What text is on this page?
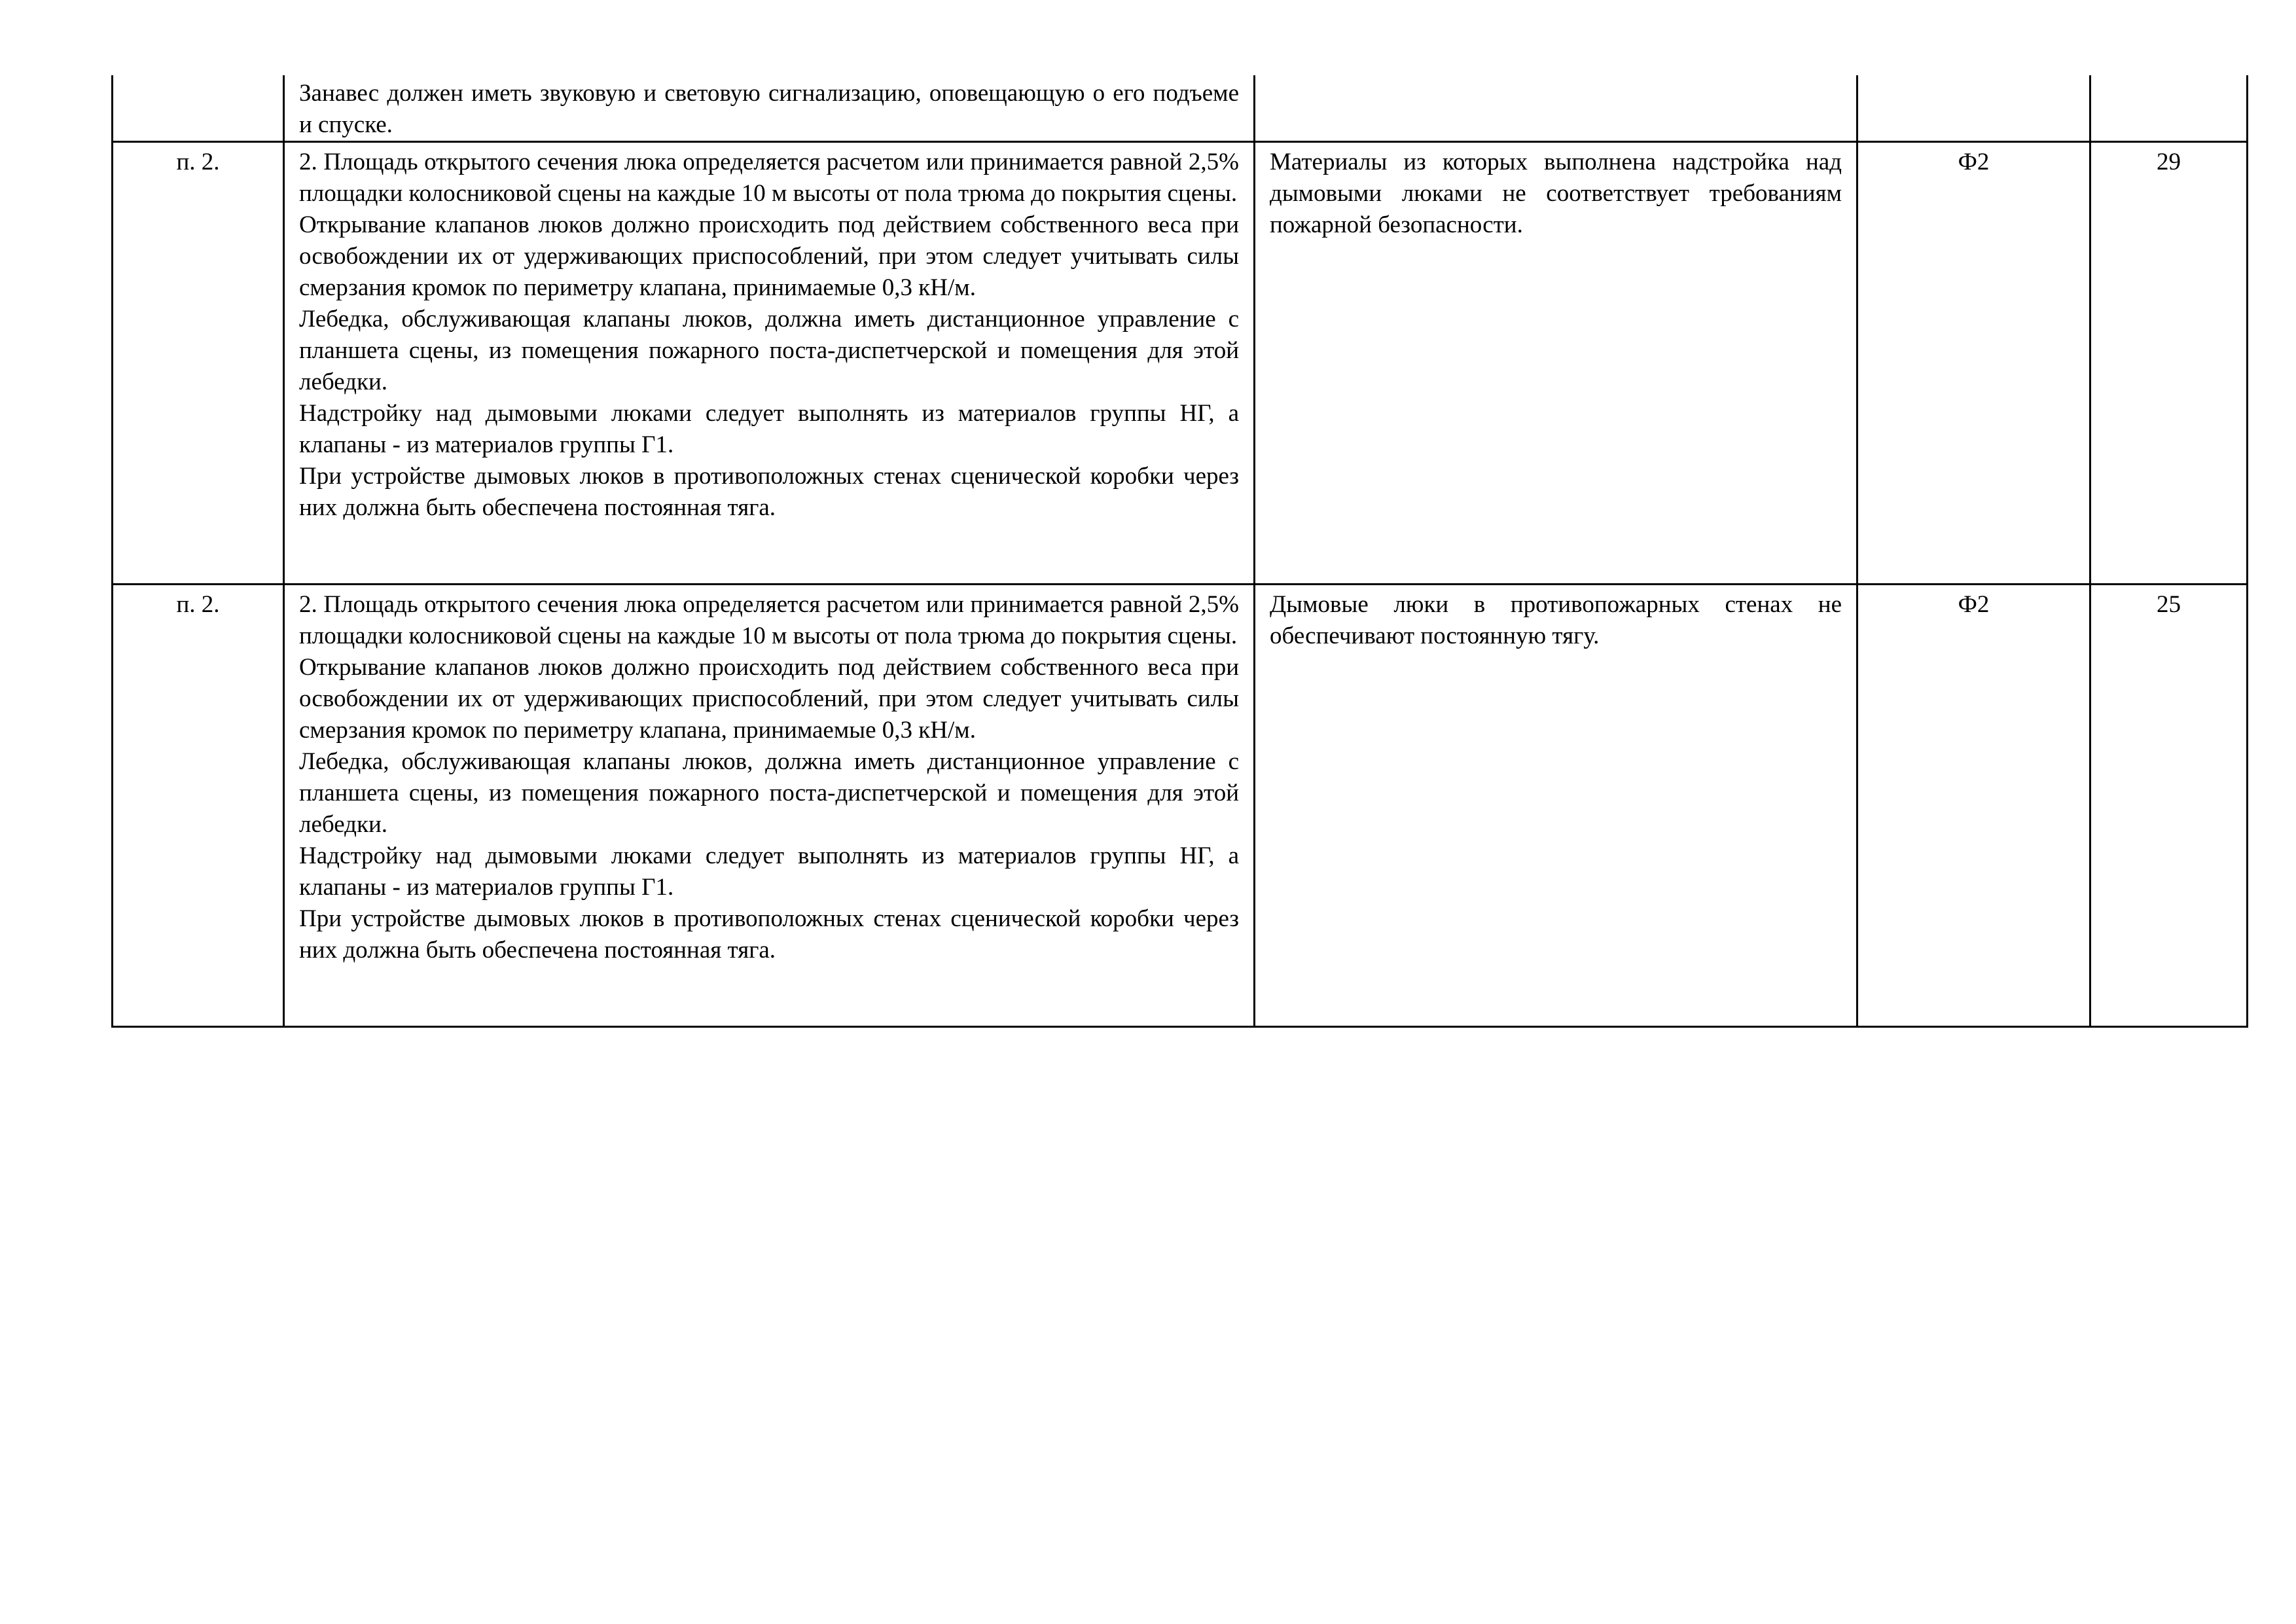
	Занавес должен иметь звуковую и световую сигнализацию, оповещающую о его подъеме и спуске.			

п. 2.	2. Площадь открытого сечения люка определяется расчетом или принимается равной 2,5% площадки колосниковой сцены на каждые 10 м высоты от пола трюма до покрытия сцены.
Открывание клапанов люков должно происходить под действием собственного веса при освобождении их от удерживающих приспособлений, при этом следует учитывать силы смерзания кромок по периметру клапана, принимаемые 0,3 кН/м.
Лебедка, обслуживающая клапаны люков, должна иметь дистанционное управление с планшета сцены, из помещения пожарного поста-диспетчерской и помещения для этой лебедки.
Надстройку над дымовыми люками следует выполнять из материалов группы НГ, а клапаны - из материалов группы Г1.
При устройстве дымовых люков в противоположных стенах сценической коробки через них должна быть обеспечена постоянная тяга.	Материалы из которых выполнена надстройка над дымовыми люками не соответствует требованиям пожарной безопасности.	Ф2	29
п. 2.	2. Площадь открытого сечения люка определяется расчетом или принимается равной 2,5% площадки колосниковой сцены на каждые 10 м высоты от пола трюма до покрытия сцены.
Открывание клапанов люков должно происходить под действием собственного веса при освобождении их от удерживающих приспособлений, при этом следует учитывать силы смерзания кромок по периметру клапана, принимаемые 0,3 кН/м.
Лебедка, обслуживающая клапаны люков, должна иметь дистанционное управление с планшета сцены, из помещения пожарного поста-диспетчерской и помещения для этой лебедки.
Надстройку над дымовыми люками следует выполнять из материалов группы НГ, а клапаны - из материалов группы Г1.
При устройстве дымовых люков в противоположных стенах сценической коробки через них должна быть обеспечена постоянная тяга.	Дымовые люки в противопожарных стенах не обеспечивают постоянную тягу.	Ф2	25
